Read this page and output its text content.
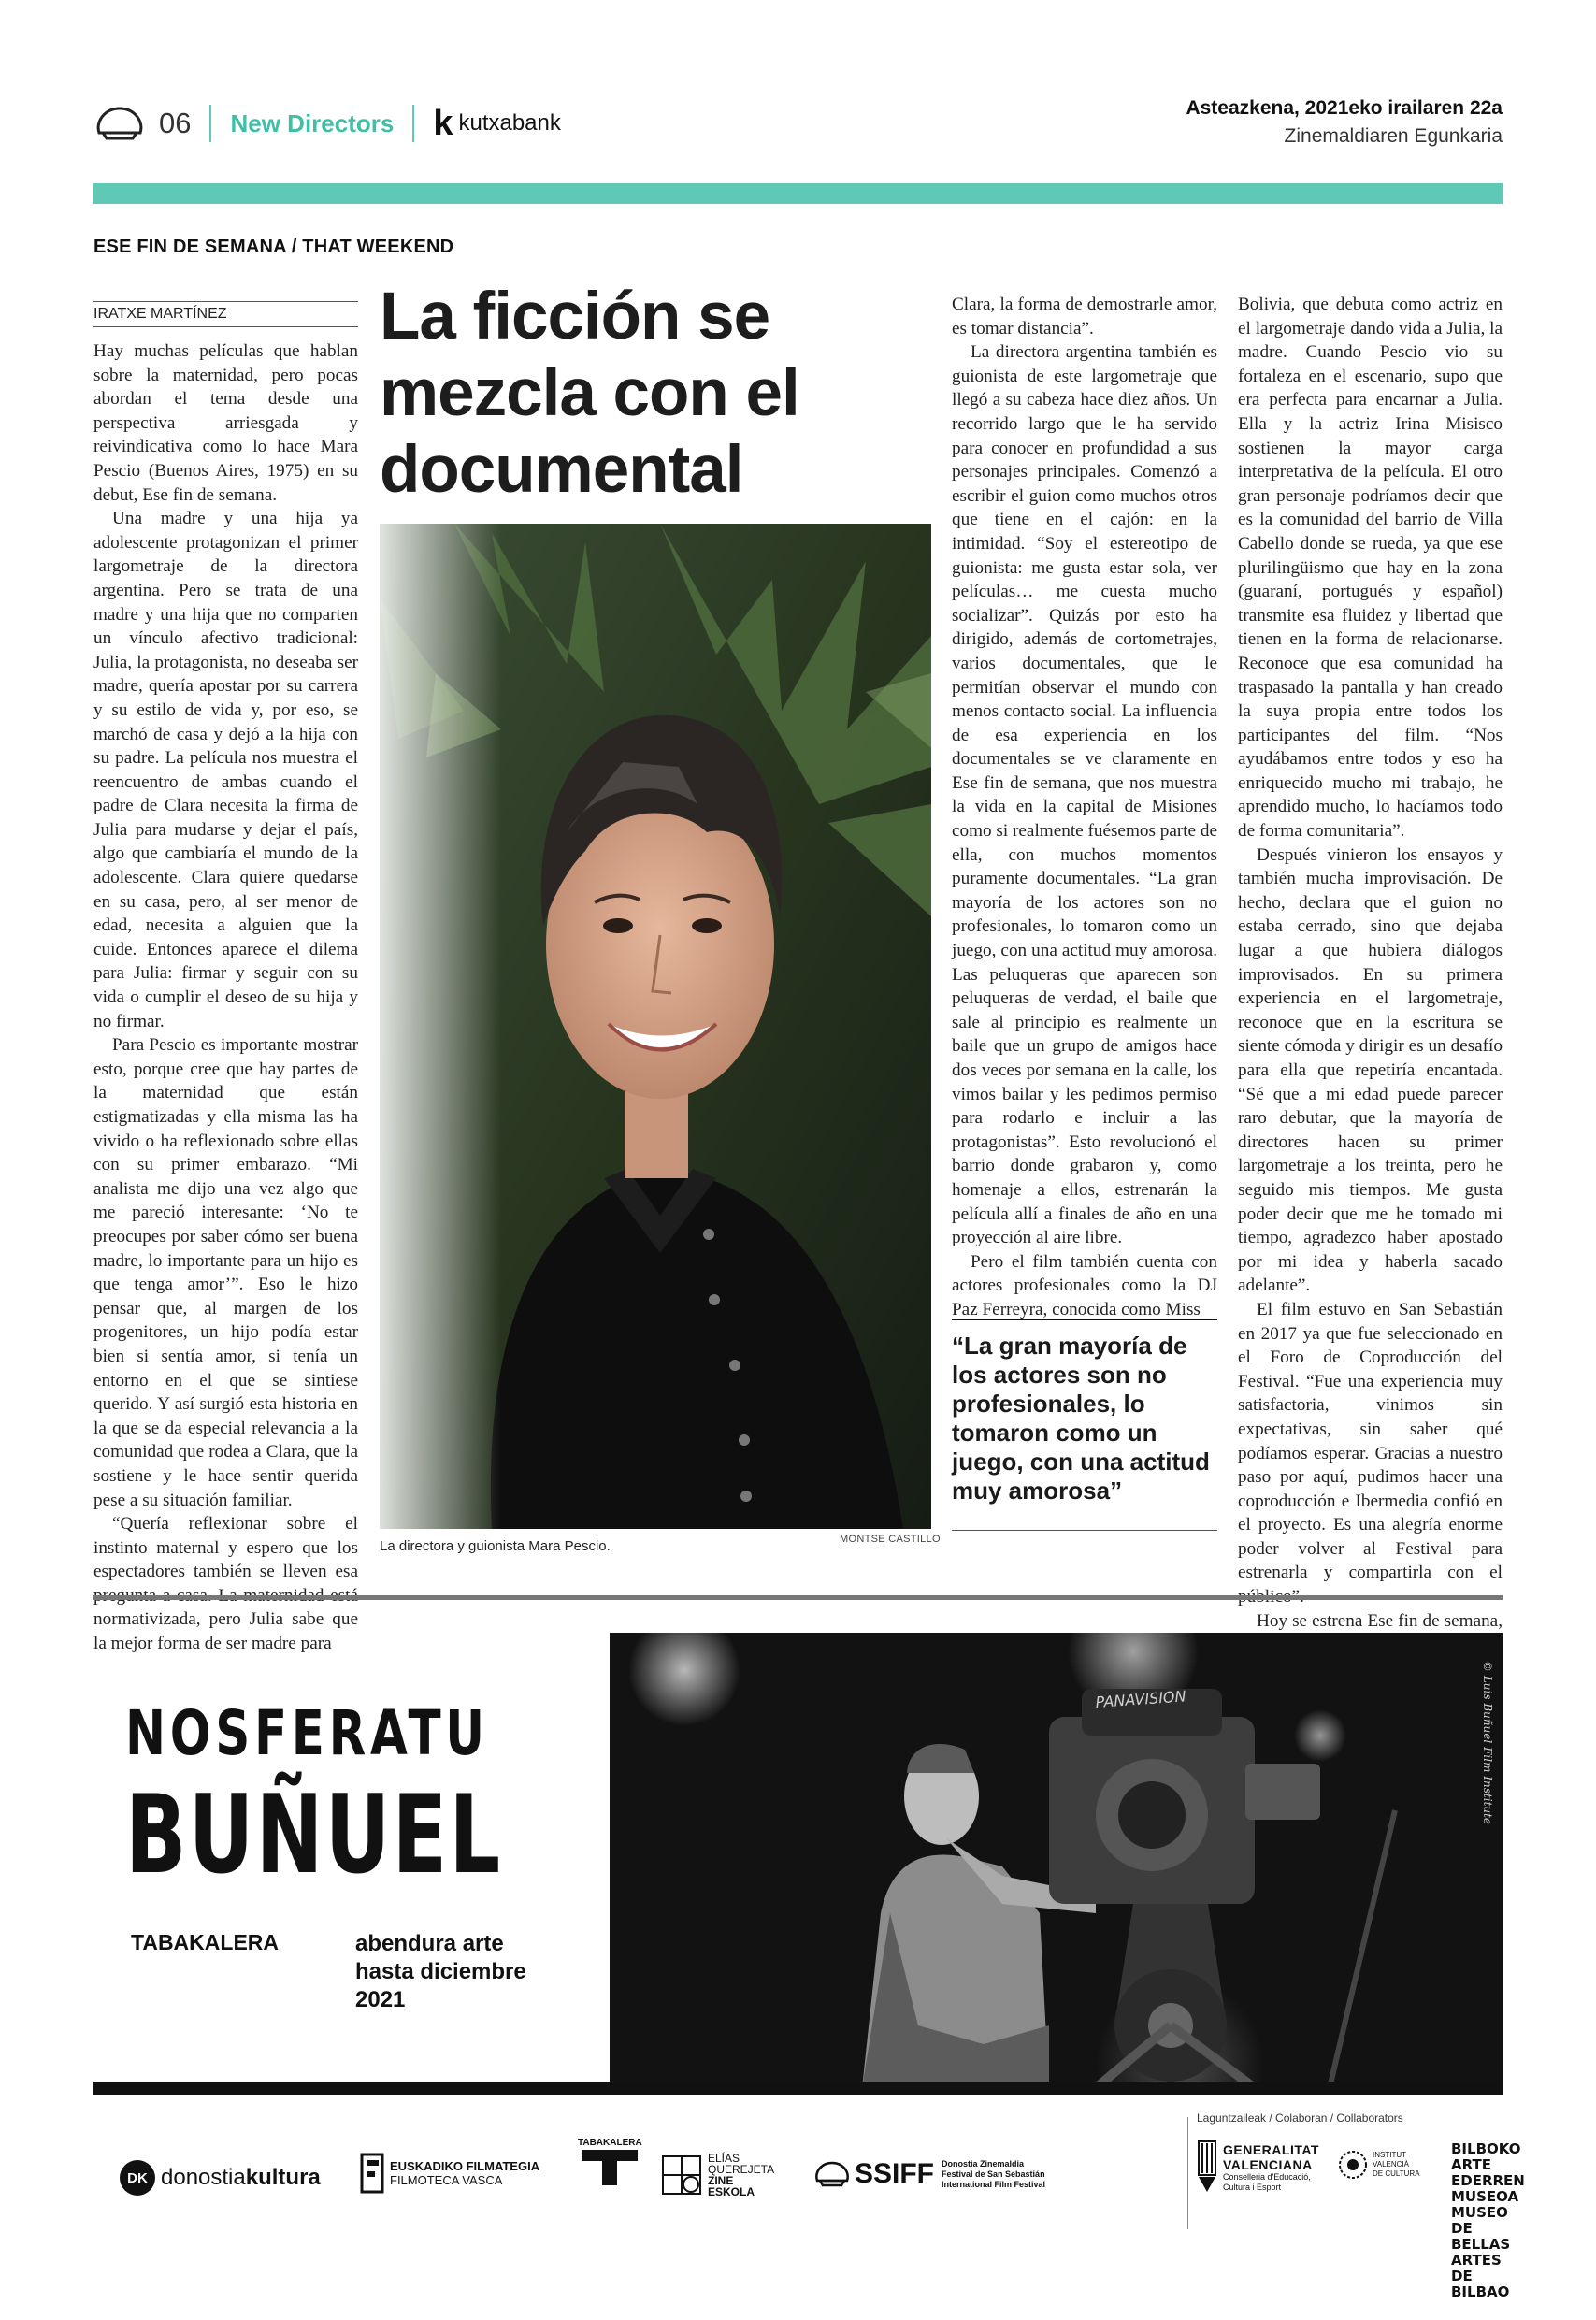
06 New Directors k kutxabank
Asteazkena, 2021eko irailaren 22a
Zinemaldiaren Egunkaria
ESE FIN DE SEMANA / THAT WEEKEND
IRATXE MARTÍNEZ

Hay muchas películas que hablan sobre la maternidad, pero pocas abordan el tema desde una perspectiva arriesgada y reivindicativa como lo hace Mara Pescio (Buenos Aires, 1975) en su debut, Ese fin de semana.

Una madre y una hija ya adolescente protagonizan el primer largometraje de la directora argentina. Pero se trata de una madre y una hija que no comparten un vínculo afectivo tradicional: Julia, la protagonista, no deseaba ser madre, quería apostar por su carrera y su estilo de vida y, por eso, se marchó de casa y dejó a la hija con su padre. La película nos muestra el reencuentro de ambas cuando el padre de Clara necesita la firma de Julia para mudarse y dejar el país, algo que cambiaría el mundo de la adolescente. Clara quiere quedarse en su casa, pero, al ser menor de edad, necesita a alguien que la cuide. Entonces aparece el dilema para Julia: firmar y seguir con su vida o cumplir el deseo de su hija y no firmar.

Para Pescio es importante mostrar esto, porque cree que hay partes de la maternidad que están estigmatizadas y ella misma las ha vivido o ha reflexionado sobre ellas con su primer embarazo. “Mi analista me dijo una vez algo que me pareció interesante: ‘No te preocupes por saber cómo ser buena madre, lo importante para un hijo es que tenga amor’”. Eso le hizo pensar que, al margen de los progenitores, un hijo podía estar bien si sentía amor, si tenía un entorno en el que se sintiese querido. Y así surgió esta historia en la que se da especial relevancia a la comunidad que rodea a Clara, que la sostiene y le hace sentir querida pese a su situación familiar.

“Quería reflexionar sobre el instinto maternal y espero que los espectadores también se lleven esa normativizada, pero Julia sabe que la mejor forma de ser madre para

La ficción se mezcla con el documental
La directora y guionista Mara Pescio.	MONTSE CASTILLO

Clara, la forma de demostrarle amor, es tomar distancia”.

La directora argentina también es guionista de este largometraje que llegó a su cabeza hace diez años. Un recorrido largo que le ha servido para conocer en profundidad a sus personajes principales. Comenzó a escribir el guion como muchos otros que tiene en el cajón: en la intimidad. “Soy el estereotipo de guionista: me gusta estar sola, ver películas… me cuesta mucho socializar”. Quizás por esto ha dirigido, además de cortometrajes, varios documentales, que le permitían observar el mundo con menos contacto social. La influencia de esa experiencia en los documentales se ve claramente en Ese fin de semana, que nos muestra la vida en la capital de Misiones como si realmente fuésemos parte de ella, con muchos momentos puramente documentales. “La gran mayoría de los actores son no profesionales, lo tomaron como un juego, con una actitud muy amorosa. Las peluqueras que aparecen son peluqueras de verdad, el baile que sale al principio es realmente un baile que un grupo de amigos hace dos veces por semana en la calle, los vimos bailar y les pedimos permiso para rodarlo e incluir a las protagonistas”. Esto revolucionó el barrio donde grabaron y, como homenaje a ellos, estrenarán la película allí a finales de año en una proyección al aire libre.

Pero el film también cuenta con actores profesionales como la DJ Paz Ferreyra, conocida como Miss

“La gran mayoría de los actores son no profesionales, lo tomaron como un juego, con una actitud muy amorosa”

Bolivia, que debuta como actriz en el largometraje dando vida a Julia, la madre. Cuando Pescio vio su fortaleza en el escenario, supo que era perfecta para encarnar a Julia. Ella y la actriz Irina Misisco sostienen la mayor carga interpretativa de la película. El otro gran personaje podríamos decir que es la comunidad del barrio de Villa Cabello donde se rueda, ya que ese plurilingüismo que hay en la zona (guaraní, portugués y español) transmite esa fluidez y libertad que tienen en la forma de relacionarse. Reconoce que esa comunidad ha traspasado la pantalla y han creado la suya propia entre todos los participantes del film. “Nos ayudábamos entre todos y eso ha enriquecido mucho mi trabajo, he aprendido mucho, lo hacíamos todo de forma comunitaria”.

Después vinieron los ensayos y también mucha improvisación. De hecho, declara que el guion no estaba cerrado, sino que dejaba lugar a que hubiera diálogos improvisados. En su primera experiencia en el largometraje, reconoce que en la escritura se siente cómoda y dirigir es un desafío para ella que repetiría encantada. “Sé que a mi edad puede parecer raro debutar, que la mayoría de directores hacen su primer largometraje a los treinta, pero he seguido mis tiempos. Me gusta poder decir que me he tomado mi tiempo, agradezco haber apostado por mi idea y haberla sacado adelante”.

El film estuvo en San Sebastián en 2017 ya que fue seleccionado en el Foro de Coproducción del Festival. “Fue una experiencia muy satisfactoria, vinimos sin expectativas, sin saber qué podíamos esperar. Gracias a nuestro paso por aquí, pudimos hacer una coproducción e Ibermedia confió en el proyecto. Es una alegría enorme poder volver al Festival para estrenarla y compartirla con el

Hoy se estrena Ese fin de semana,

NOSFERATU
BUÑUEL
TABAKALERA	abendura arte
hasta diciembre
2021
PANAVISION	© Luis Buñuel Film Institute
DK donostia kultura	EUSKADIKO FILMATEGIA
FILMOTECA VASCA
TABAKALERA
ELÍAS
QUEREJETA
ZINE
ESKOLA
SSIFF Donostia Zinemaldia
Festival de San Sebastián
International Film Festival
Laguntzaileak / Colaboran / Collaborators
GENERALITAT
VALENCIANA
Conselleria d'Educació,
Cultura i Esport
INSTITUT
VALENCIÀ
DE CULTURA
BILBOKO ARTE
EDERREN MUSEOA
MUSEO DE BELLAS
ARTES DE BILBAO
